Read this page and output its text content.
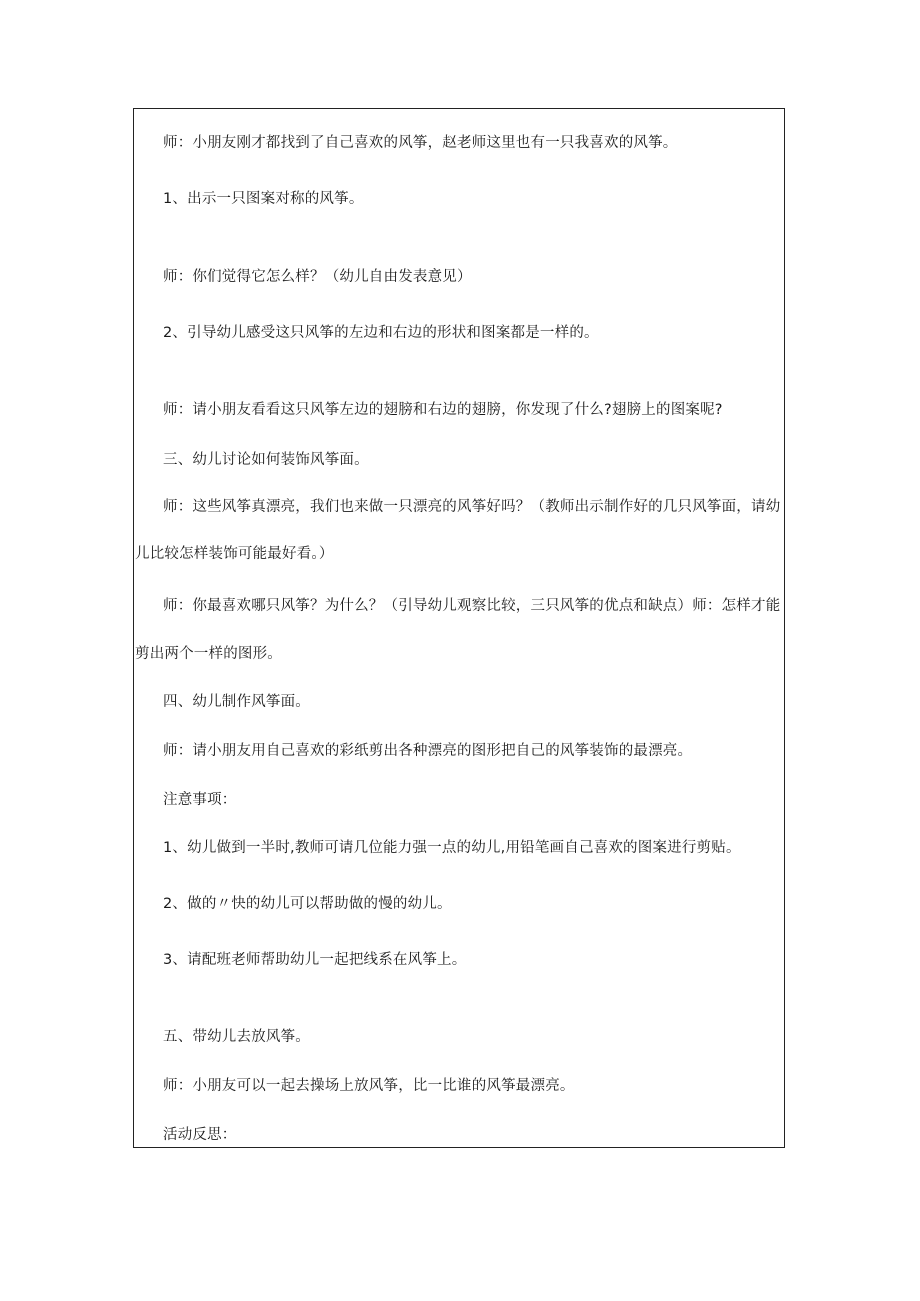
师：小朋友刚才都找到了自己喜欢的风筝，赵老师这里也有一只我喜欢的风筝。
1、出示一只图案对称的风筝。
师：你们觉得它怎么样？（幼儿自由发表意见）
2、引导幼儿感受这只风筝的左边和右边的形状和图案都是一样的。
师：请小朋友看看这只风筝左边的翅膀和右边的翅膀，你发现了什么?翅膀上的图案呢?
三、幼儿讨论如何装饰风筝面。
师：这些风筝真漂亮，我们也来做一只漂亮的风筝好吗？（教师出示制作好的几只风筝面，请幼
儿比较怎样装饰可能最好看。）
师：你最喜欢哪只风筝？为什么？（引导幼儿观察比较，三只风筝的优点和缺点）师：怎样才能
剪出两个一样的图形。
四、幼儿制作风筝面。
师：请小朋友用自己喜欢的彩纸剪出各种漂亮的图形把自己的风筝装饰的最漂亮。
注意事项：
1、幼儿做到一半时,教师可请几位能力强一点的幼儿,用铅笔画自己喜欢的图案进行剪贴。
2、做的〃快的幼儿可以帮助做的慢的幼儿。
3、请配班老师帮助幼儿一起把线系在风筝上。
五、带幼儿去放风筝。
师：小朋友可以一起去操场上放风筝，比一比谁的风筝最漂亮。
活动反思：
